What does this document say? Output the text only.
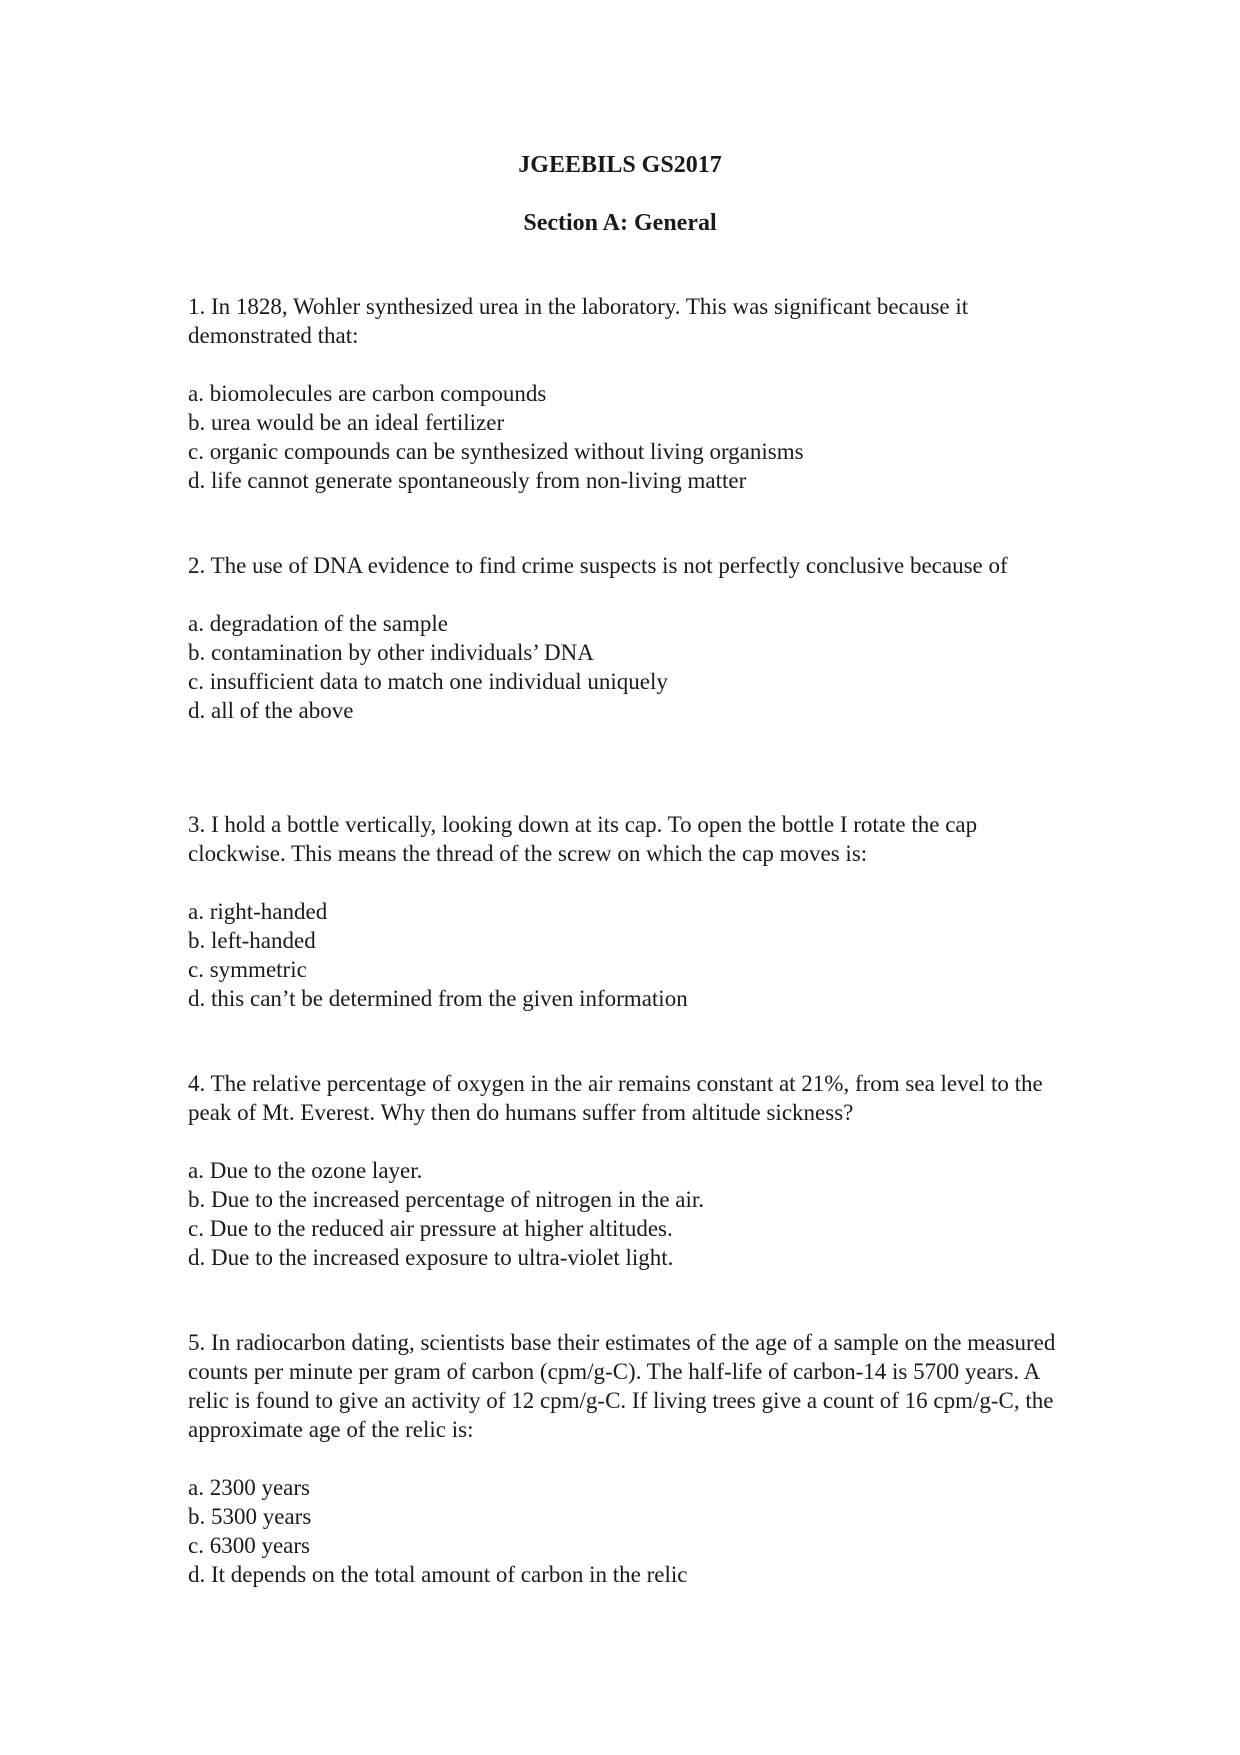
JGEEBILS GS2017
Section A: General

1. In 1828, Wohler synthesized urea in the laboratory. This was significant because it demonstrated that:

a. biomolecules are carbon compounds
b. urea would be an ideal fertilizer
c. organic compounds can be synthesized without living organisms
d. life cannot generate spontaneously from non-living matter

2. The use of DNA evidence to find crime suspects is not perfectly conclusive because of

a. degradation of the sample
b. contamination by other individuals’ DNA
c. insufficient data to match one individual uniquely
d. all of the above

3. I hold a bottle vertically, looking down at its cap. To open the bottle I rotate the cap clockwise. This means the thread of the screw on which the cap moves is:

a. right-handed
b. left-handed
c. symmetric
d. this can’t be determined from the given information

4. The relative percentage of oxygen in the air remains constant at 21%, from sea level to the peak of Mt. Everest. Why then do humans suffer from altitude sickness?

a. Due to the ozone layer.
b. Due to the increased percentage of nitrogen in the air.
c. Due to the reduced air pressure at higher altitudes.
d. Due to the increased exposure to ultra-violet light.

5. In radiocarbon dating, scientists base their estimates of the age of a sample on the measured counts per minute per gram of carbon (cpm/g-C). The half-life of carbon-14 is 5700 years. A relic is found to give an activity of 12 cpm/g-C. If living trees give a count of 16 cpm/g-C, the approximate age of the relic is:

a. 2300 years
b. 5300 years
c. 6300 years
d. It depends on the total amount of carbon in the relic
